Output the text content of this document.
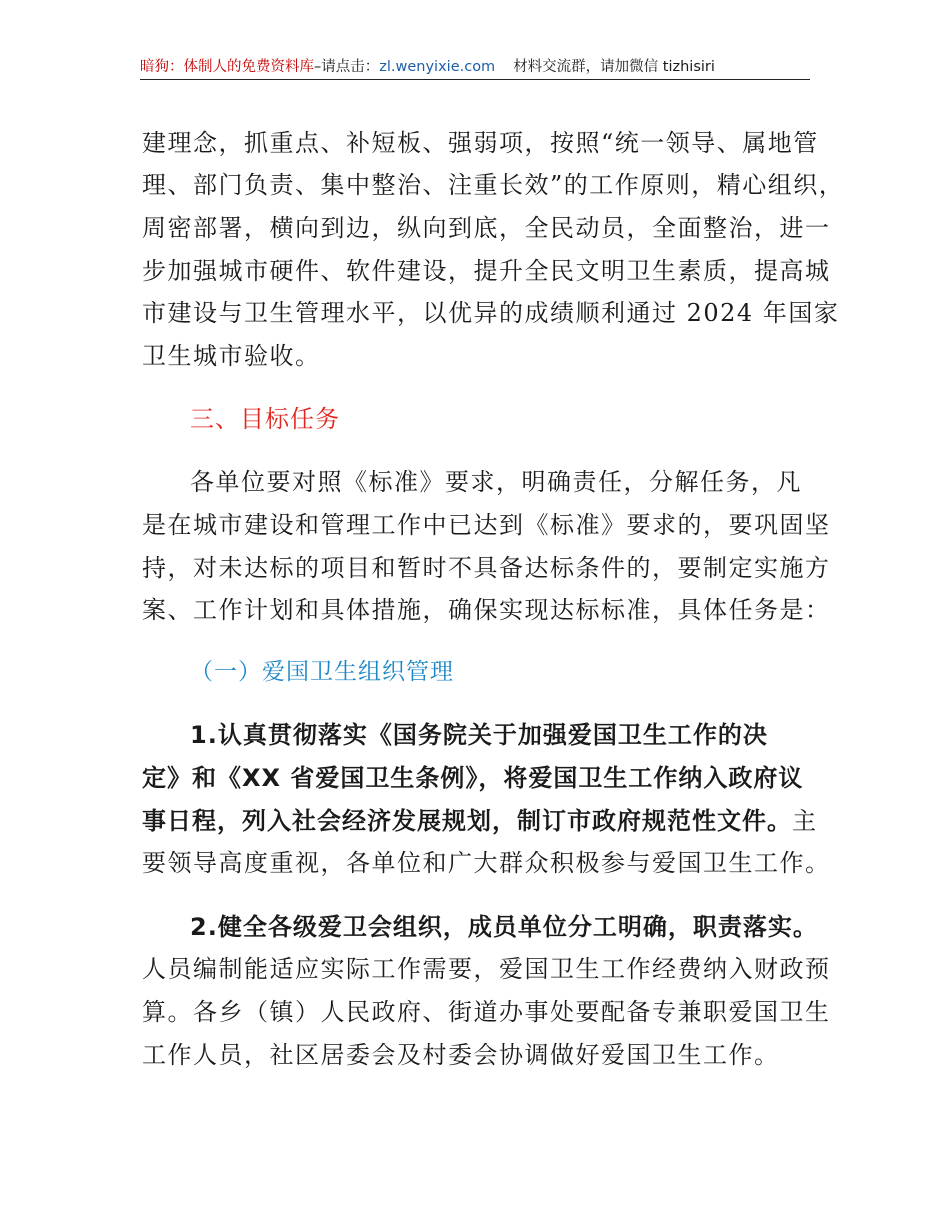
暗狗：体制人的免费资料库–请点击：zl.wenyixie.com 材料交流群，请加微信 tizhisiri
建理念，抓重点、补短板、强弱项，按照“统一领导、属地管
理、部门负责、集中整治、注重长效”的工作原则，精心组织，
周密部署，横向到边，纵向到底，全民动员，全面整治，进一
步加强城市硬件、软件建设，提升全民文明卫生素质，提高城
市建设与卫生管理水平，以优异的成绩顺利通过 2024 年国家
卫生城市验收。
三、目标任务
各单位要对照《标准》要求，明确责任，分解任务，凡
是在城市建设和管理工作中已达到《标准》要求的，要巩固坚
持，对未达标的项目和暂时不具备达标条件的，要制定实施方
案、工作计划和具体措施，确保实现达标标准，具体任务是：
（一）爱国卫生组织管理
1.认真贯彻落实《国务院关于加强爱国卫生工作的决
定》和《XX 省爱国卫生条例》，将爱国卫生工作纳入政府议
事日程，列入社会经济发展规划，制订市政府规范性文件。主
要领导高度重视，各单位和广大群众积极参与爱国卫生工作。
2.健全各级爱卫会组织，成员单位分工明确，职责落实。
人员编制能适应实际工作需要，爱国卫生工作经费纳入财政预
算。各乡（镇）人民政府、街道办事处要配备专兼职爱国卫生
工作人员，社区居委会及村委会协调做好爱国卫生工作。
